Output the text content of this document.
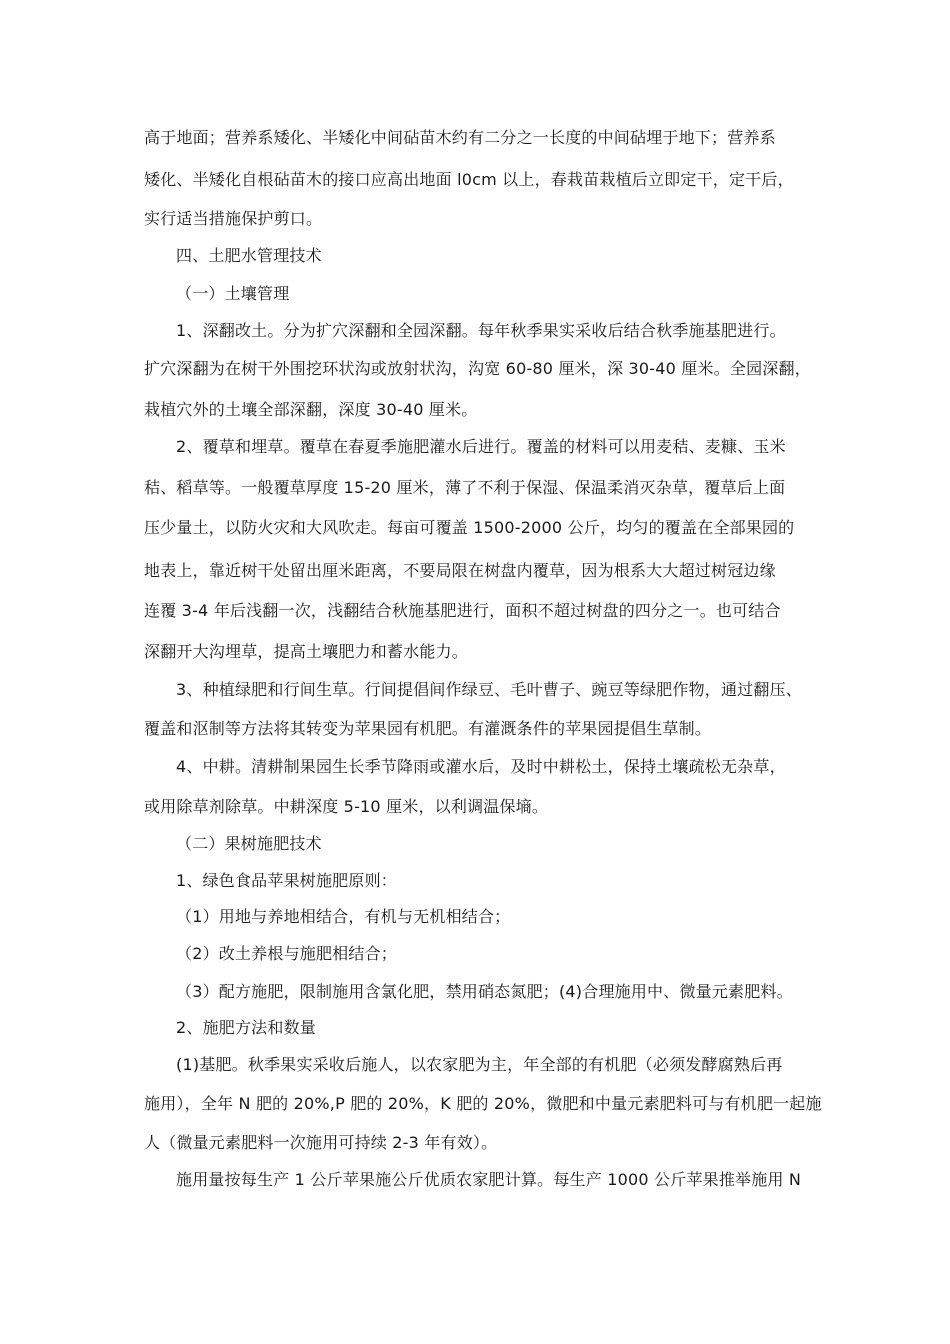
高于地面；营养系矮化、半矮化中间砧苗木约有二分之一长度的中间砧埋于地下；营养系
矮化、半矮化自根砧苗木的接口应高出地面 l0cm 以上，春栽苗栽植后立即定干，定干后，
实行适当措施保护剪口。
四、土肥水管理技术
（一）土壤管理
1、深翻改土。分为扩穴深翻和全园深翻。每年秋季果实采收后结合秋季施基肥进行。
扩穴深翻为在树干外围挖环状沟或放射状沟，沟宽 60-80 厘米，深 30-40 厘米。全园深翻，
栽植穴外的土壤全部深翻，深度 30-40 厘米。
2、覆草和埋草。覆草在春夏季施肥灌水后进行。覆盖的材料可以用麦秸、麦糠、玉米
秸、稻草等。一般覆草厚度 15-20 厘米，薄了不利于保湿、保温柔消灭杂草，覆草后上面
压少量土，以防火灾和大风吹走。每亩可覆盖 1500-2000 公斤，均匀的覆盖在全部果园的
地表上，靠近树干处留出厘米距离，不要局限在树盘内覆草，因为根系大大超过树冠边缘
连覆 3-4 年后浅翻一次，浅翻结合秋施基肥进行，面积不超过树盘的四分之一。也可结合
深翻开大沟埋草，提高土壤肥力和蓄水能力。
3、种植绿肥和行间生草。行间提倡间作绿豆、毛叶曹子、豌豆等绿肥作物，通过翻压、
覆盖和沤制等方法将其转变为苹果园有机肥。有灌溉条件的苹果园提倡生草制。
4、中耕。清耕制果园生长季节降雨或灌水后，及时中耕松土，保持土壤疏松无杂草，
或用除草剂除草。中耕深度 5-10 厘米，以利调温保墒。
（二）果树施肥技术
1、绿色食品苹果树施肥原则：
（1）用地与养地相结合，有机与无机相结合；
（2）改土养根与施肥相结合；
（3）配方施肥，限制施用含氯化肥，禁用硝态氮肥；(4)合理施用中、微量元素肥料。
2、施肥方法和数量
(1)基肥。秋季果实采收后施人，以农家肥为主，年全部的有机肥（必须发酵腐熟后再
施用），全年 N 肥的 20%,P 肥的 20%，K 肥的 20%，微肥和中量元素肥料可与有机肥一起施
人（微量元素肥料一次施用可持续 2-3 年有效）。
施用量按每生产 1 公斤苹果施公斤优质农家肥计算。每生产 1000 公斤苹果推举施用 N
